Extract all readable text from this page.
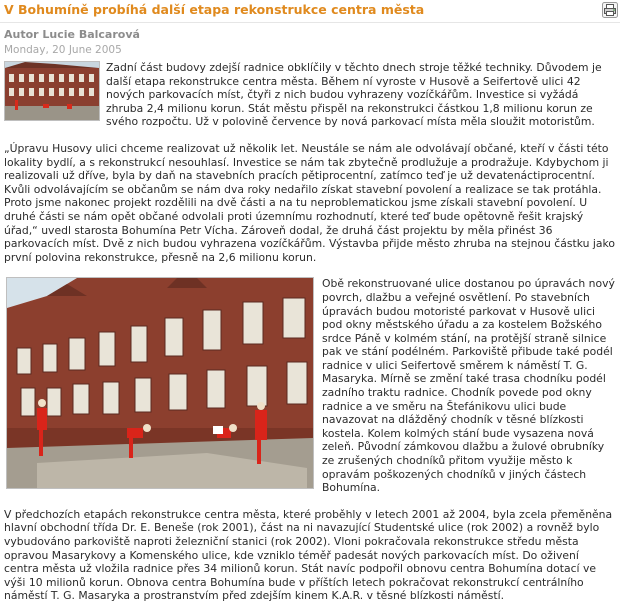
V Bohumíně probíhá další etapa rekonstrukce centra města
Autor Lucie Balcarová
Monday, 20 June 2005

Zadní část budovy zdejší radnice obklíčily v těchto dnech stroje těžké techniky. Důvodem je další etapa rekonstrukce centra města. Během ní vyroste v Husově a Seifertově ulici 42 nových parkovacích míst, čtyři z nich budou vyhrazeny vozíčkářům. Investice si vyžádá zhruba 2,4 milionu korun. Stát městu přispěl na rekonstrukci částkou 1,8 milionu korun ze svého rozpočtu. Už v polovině července by nová parkovací místa měla sloužit motoristům.

„Úpravu Husovy ulici chceme realizovat už několik let. Neustále se nám ale odvolávají občané, kteří v části této lokality bydlí, a s rekonstrukcí nesouhlasí. Investice se nám tak zbytečně prodlužuje a prodražuje. Kdybychom ji realizovali už dříve, byla by daň na stavebních pracích pětiprocentní, zatímco teď je už devatenáctiprocentní. Kvůli odvolávajícím se občanům se nám dva roky nedařilo získat stavební povolení a realizace se tak protáhla. Proto jsme nakonec projekt rozdělili na dvě části a na tu neproblematickou jsme získali stavební povolení. U druhé části se nám opět občané odvolali proti územnímu rozhodnutí, které teď bude opětovně řešit krajský úřad,“ uvedl starosta Bohumína Petr Vícha. Zároveň dodal, že druhá část projektu by měla přinést 36 parkovacích míst. Dvě z nich budou vyhrazena vozíčkářům. Výstavba přijde město zhruba na stejnou částku jako první polovina rekonstrukce, přesně na 2,6 milionu korun.

Obě rekonstruované ulice dostanou po úpravách nový povrch, dlažbu a veřejné osvětlení. Po stavebních úpravách budou motoristé parkovat v Husově ulici pod okny městského úřadu a za kostelem Božského srdce Páně v kolmém stání, na protější straně silnice pak ve stání podélném. Parkoviště přibude také podél radnice v ulici Seifertově směrem k náměstí T. G. Masaryka. Mírně se změní také trasa chodníku podél zadního traktu radnice. Chodník povede pod okny radnice a ve směru na Štefánikovu ulici bude navazovat na dlážděný chodník v těsné blízkosti kostela. Kolem kolmých stání bude vysazena nová zeleň. Původní zámkovou dlažbu a žulové obrubníky ze zrušených chodníků přitom využije město k opravám poškozených chodníků v jiných částech Bohumína.

V předchozích etapách rekonstrukce centra města, které proběhly v letech 2001 až 2004, byla zcela přeměněna hlavní obchodní třída Dr. E. Beneše (rok 2001), část na ni navazující Studentské ulice (rok 2002) a rovněž bylo vybudováno parkoviště naproti železniční stanici (rok 2002). Vloni pokračovala rekonstrukce středu města opravou Masarykovy a Komenského ulice, kde vzniklo téměř padesát nových parkovacích míst. Do oživení centra města už vložila radnice přes 34 milionů korun. Stát navíc podpořil obnovu centra Bohumína dotací ve výši 10 milionů korun. Obnova centra Bohumína bude v příštích letech pokračovat rekonstrukcí centrálního náměstí T. G. Masaryka a prostranstvím před zdejším kinem K.A.R. v těsné blízkosti náměstí.
